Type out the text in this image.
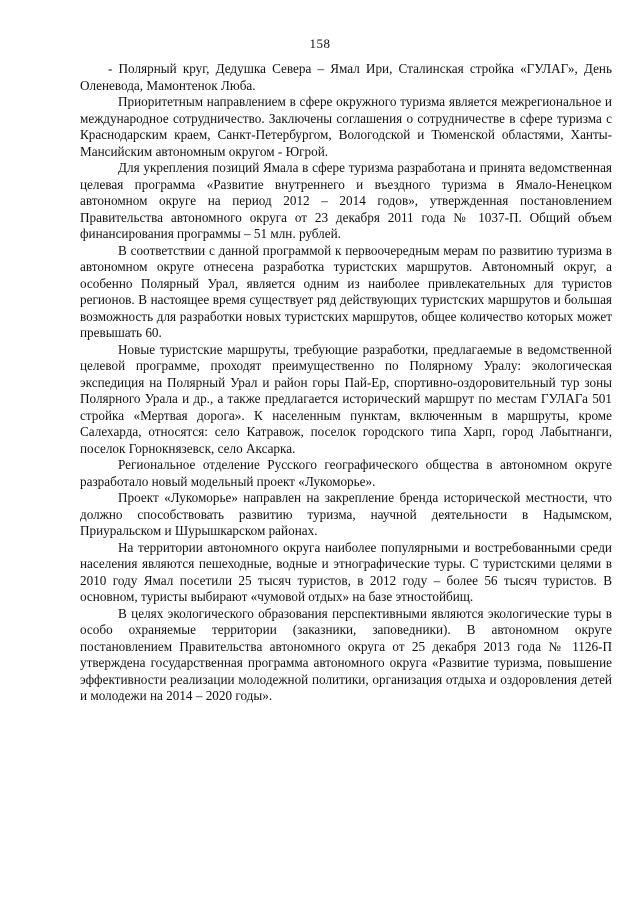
158

- Полярный круг, Дедушка Севера – Ямал Ири, Сталинская стройка «ГУЛАГ», День Оленевода, Мамонтенок Люба.

Приоритетным направлением в сфере окружного туризма является межрегиональное и международное сотрудничество. Заключены соглашения о сотрудничестве в сфере туризма с Краснодарским краем, Санкт-Петербургом, Вологодской и Тюменской областями, Ханты-Мансийским автономным округом - Югрой.

Для укрепления позиций Ямала в сфере туризма разработана и принята ведомственная целевая программа «Развитие внутреннего и въездного туризма в Ямало-Ненецком автономном округе на период 2012 – 2014 годов», утвержденная постановлением Правительства автономного округа от 23 декабря 2011 года № 1037-П. Общий объем финансирования программы – 51 млн. рублей.

В соответствии с данной программой к первоочередным мерам по развитию туризма в автономном округе отнесена разработка туристских маршрутов. Автономный округ, а особенно Полярный Урал, является одним из наиболее привлекательных для туристов регионов. В настоящее время существует ряд действующих туристских маршрутов и большая возможность для разработки новых туристских маршрутов, общее количество которых может превышать 60.

Новые туристские маршруты, требующие разработки, предлагаемые в ведомственной целевой программе, проходят преимущественно по Полярному Уралу: экологическая экспедиция на Полярный Урал и район горы Пай-Ер, спортивно-оздоровительный тур зоны Полярного Урала и др., а также предлагается исторический маршрут по местам ГУЛАГа 501 стройка «Мертвая дорога». К населенным пунктам, включенным в маршруты, кроме Салехарда, относятся: село Катравож, поселок городского типа Харп, город Лабытнанги, поселок Горнокнязевск, село Аксарка.

Региональное отделение Русского географического общества в автономном округе разработало новый модельный проект «Лукоморье».

Проект «Лукоморье» направлен на закрепление бренда исторической местности, что должно способствовать развитию туризма, научной деятельности в Надымском, Приуральском и Шурышкарском районах.

На территории автономного округа наиболее популярными и востребованными среди населения являются пешеходные, водные и этнографические туры. С туристскими целями в 2010 году Ямал посетили 25 тысяч туристов, в 2012 году – более 56 тысяч туристов. В основном, туристы выбирают «чумовой отдых» на базе этностойбищ.

В целях экологического образования перспективными являются экологические туры в особо охраняемые территории (заказники, заповедники). В автономном округе постановлением Правительства автономного округа от 25 декабря 2013 года № 1126-П утверждена государственная программа автономного округа «Развитие туризма, повышение эффективности реализации молодежной политики, организация отдыха и оздоровления детей и молодежи на 2014 – 2020 годы».
